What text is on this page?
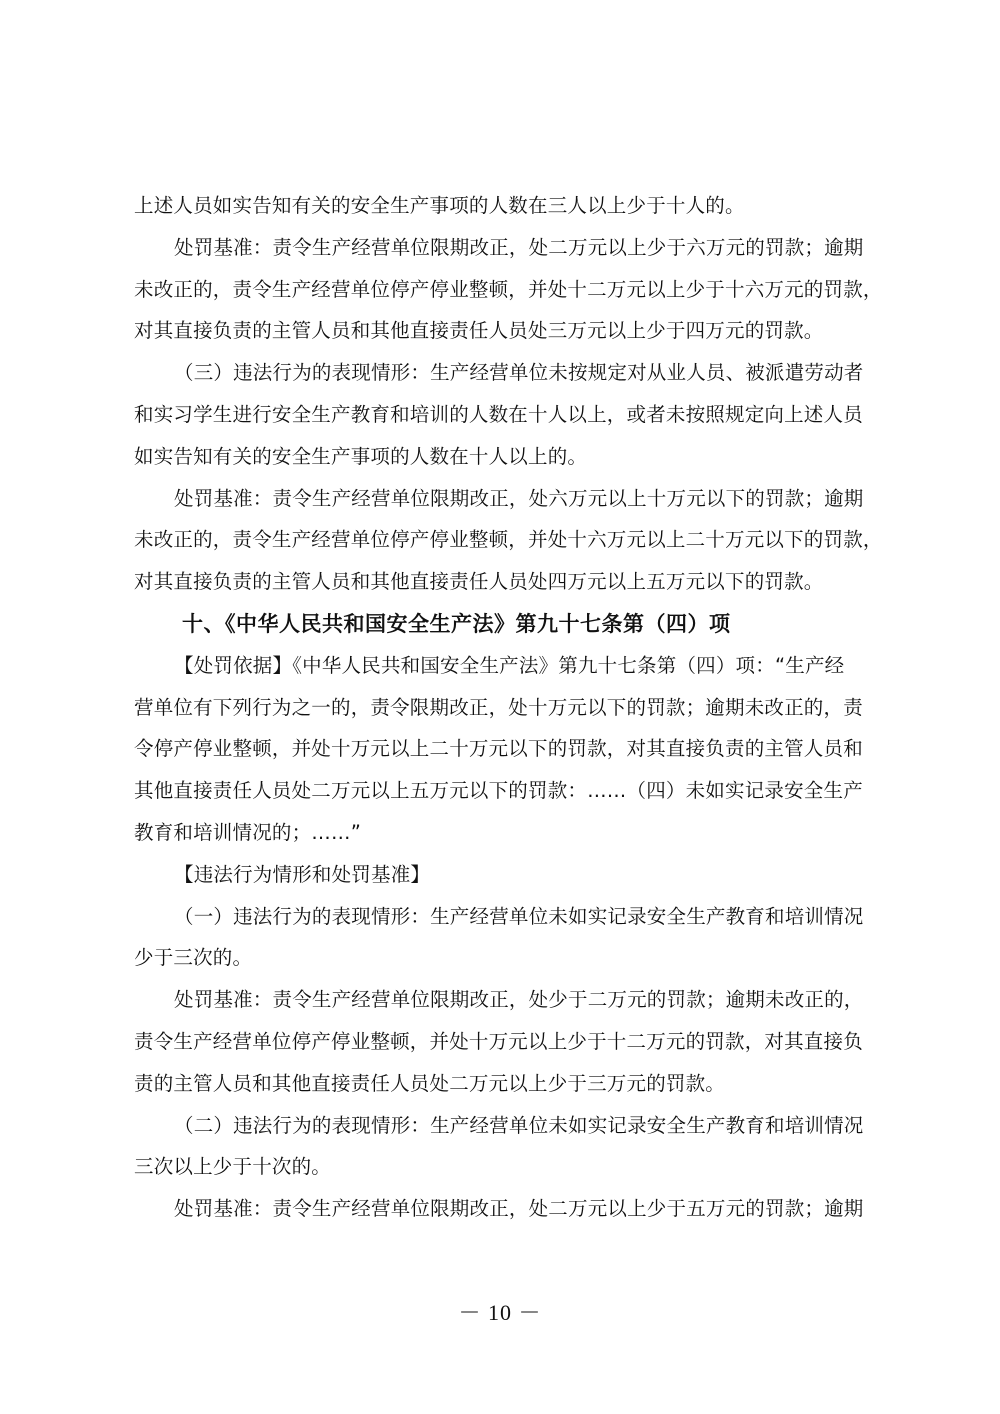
上述人员如实告知有关的安全生产事项的人数在三人以上少于十人的。
处罚基准：责令生产经营单位限期改正，处二万元以上少于六万元的罚款；逾期
未改正的，责令生产经营单位停产停业整顿，并处十二万元以上少于十六万元的罚款，
对其直接负责的主管人员和其他直接责任人员处三万元以上少于四万元的罚款。
（三）违法行为的表现情形：生产经营单位未按规定对从业人员、被派遣劳动者
和实习学生进行安全生产教育和培训的人数在十人以上，或者未按照规定向上述人员
如实告知有关的安全生产事项的人数在十人以上的。
处罚基准：责令生产经营单位限期改正，处六万元以上十万元以下的罚款；逾期
未改正的，责令生产经营单位停产停业整顿，并处十六万元以上二十万元以下的罚款，
对其直接负责的主管人员和其他直接责任人员处四万元以上五万元以下的罚款。
十、《中华人民共和国安全生产法》第九十七条第（四）项
【处罚依据】《中华人民共和国安全生产法》第九十七条第（四）项：“生产经
营单位有下列行为之一的，责令限期改正，处十万元以下的罚款；逾期未改正的，责
令停产停业整顿，并处十万元以上二十万元以下的罚款，对其直接负责的主管人员和
其他直接责任人员处二万元以上五万元以下的罚款：……（四）未如实记录安全生产
教育和培训情况的；……”
【违法行为情形和处罚基准】
（一）违法行为的表现情形：生产经营单位未如实记录安全生产教育和培训情况
少于三次的。
处罚基准：责令生产经营单位限期改正，处少于二万元的罚款；逾期未改正的，
责令生产经营单位停产停业整顿，并处十万元以上少于十二万元的罚款，对其直接负
责的主管人员和其他直接责任人员处二万元以上少于三万元的罚款。
（二）违法行为的表现情形：生产经营单位未如实记录安全生产教育和培训情况
三次以上少于十次的。
处罚基准：责令生产经营单位限期改正，处二万元以上少于五万元的罚款；逾期
－ 10 －
